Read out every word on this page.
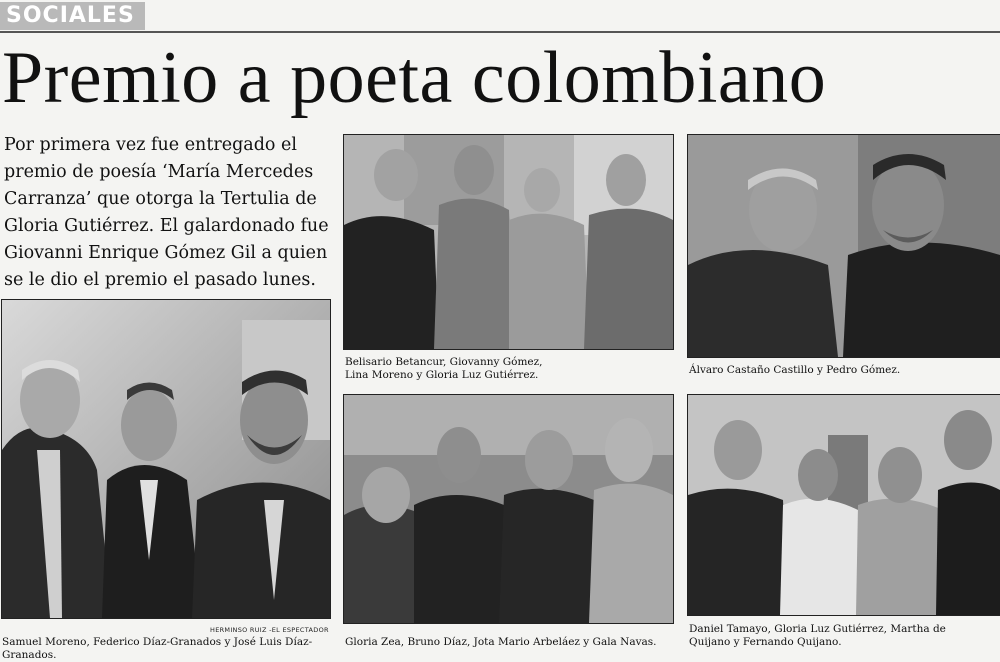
SOCIALES
Premio a poeta colombiano

Por primera vez fue entregado el premio de poesía ‘María Mercedes Carranza’ que otorga la Tertulia de Gloria Gutiérrez. El galardonado fue Giovanni Enrique Gómez Gil a quien se le dio el premio el pasado lunes.

HERMINSO RUIZ -EL ESPECTADOR

Samuel Moreno, Federico Díaz-Granados y José Luis Díaz-Granados.

Belisario Betancur, Giovanny Gómez, Lina Moreno y Gloria Luz Gutiérrez.	Álvaro Castaño Castillo y Pedro Gómez.

Gloria Zea, Bruno Díaz, Jota Mario Arbeláez y Gala Navas.

Daniel Tamayo, Gloria Luz Gutiérrez, Martha de Quijano y Fernando Quijano.
